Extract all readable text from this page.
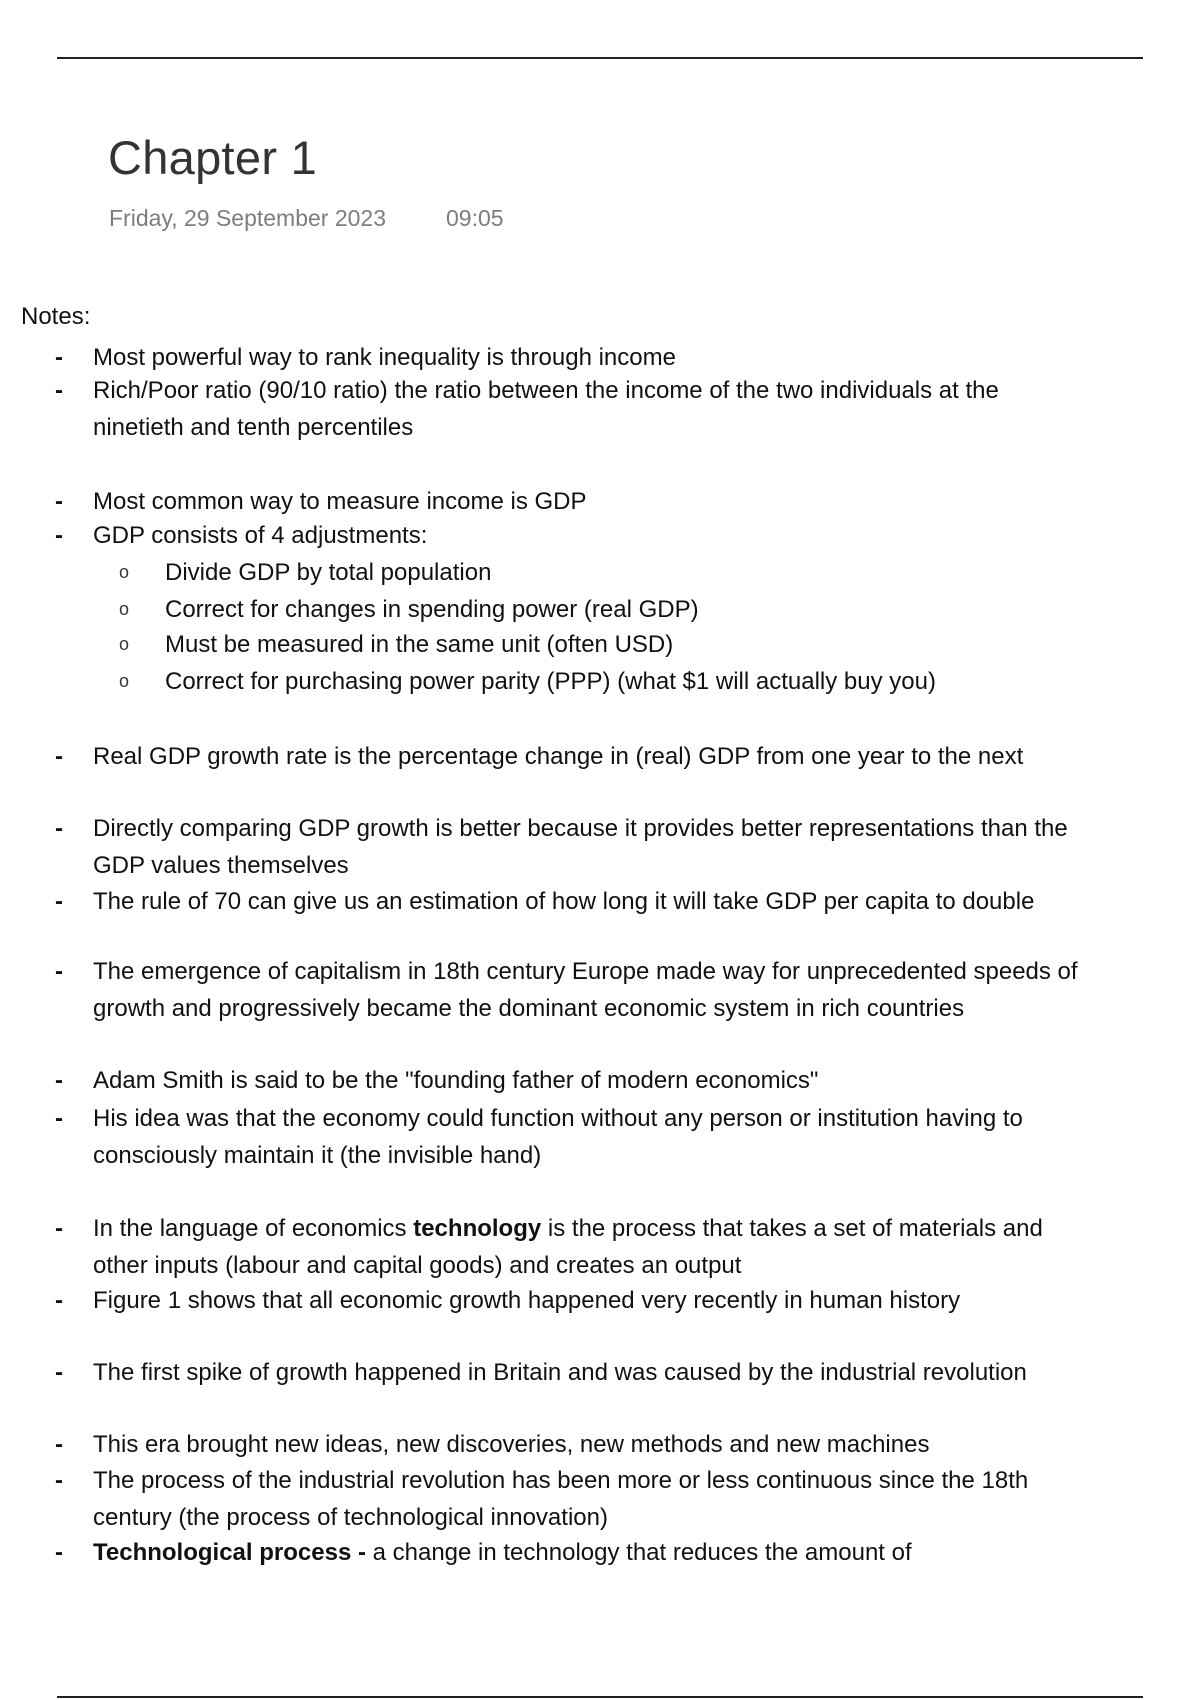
Chapter 1
Friday, 29 September 2023	09:05
Notes:
- Most powerful way to rank inequality is through income
- Rich/Poor ratio (90/10 ratio) the ratio between the income of the two individuals at the ninetieth and tenth percentiles
- Most common way to measure income is GDP
- GDP consists of 4 adjustments:
o Divide GDP by total population
o Correct for changes in spending power (real GDP)
o Must be measured in the same unit (often USD)
o Correct for purchasing power parity (PPP) (what $1 will actually buy you)
- Real GDP growth rate is the percentage change in (real) GDP from one year to the next
- Directly comparing GDP growth is better because it provides better representations than the GDP values themselves
- The rule of 70 can give us an estimation of how long it will take GDP per capita to double
- The emergence of capitalism in 18th century Europe made way for unprecedented speeds of growth and progressively became the dominant economic system in rich countries
- Adam Smith is said to be the "founding father of modern economics"
- His idea was that the economy could function without any person or institution having to consciously maintain it (the invisible hand)
- In the language of economics technology is the process that takes a set of materials and other inputs (labour and capital goods) and creates an output
- Figure 1 shows that all economic growth happened very recently in human history
- The first spike of growth happened in Britain and was caused by the industrial revolution
- This era brought new ideas, new discoveries, new methods and new machines
- The process of the industrial revolution has been more or less continuous since the 18th century (the process of technological innovation)
- Technological process - a change in technology that reduces the amount of
